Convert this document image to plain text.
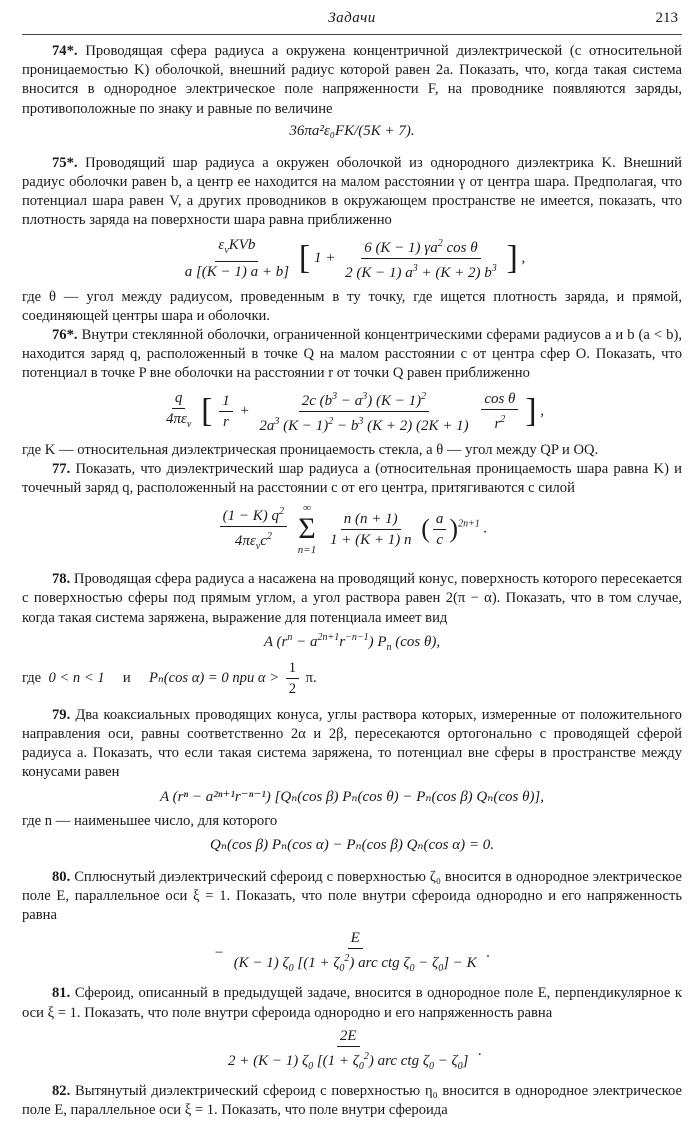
Задачи	213

74*. Проводящая сфера радиуса a окружена концентричной диэлектрической (с относительной проницаемостью K) оболочкой, внешний радиус которой равен 2a. Показать, что, когда такая система вносится в однородное электрическое поле напряженности F, на проводнике появляются заряды, противоположные по знаку и равные по величине

36πa²ε₀FK/(5K + 7).

75*. Проводящий шар радиуса a окружен оболочкой из однородного диэлектрика K. Внешний радиус оболочки равен b, а центр ее находится на малом расстоянии γ от центра шара. Предполагая, что потенциал шара равен V, а других проводников в окружающем пространстве не имеется, показать, что плотность заряда на поверхности шара равна приближенно

$\frac{\varepsilon_vKVb}{a [(K - 1) a + b]}$ [ $1 + \frac{6 (K - 1) \gamma a^2 \cos \theta}{2 (K - 1) a^3 + (K + 2) b^3}$ ] ,

где θ — угол между радиусом, проведенным в ту точку, где ищется плотность заряда, и прямой, соединяющей центры шара и оболочки.

76*. Внутри стеклянной оболочки, ограниченной концентрическими сферами радиусов a и b (a < b), находится заряд q, расположенный в точке Q на малом расстоянии c от центра сфер O. Показать, что потенциал в точке P вне оболочки на расстоянии r от точки Q равен приближенно

$\frac{q}{4\pi\varepsilon_v}$ [ $\frac{1}{r} + \frac{2c (b^3 - a^3) (K - 1)^2}{2a^3 (K - 1)^2 - b^3 (K + 2) (2K + 1)}$
$\frac{\text{cos θ}}{r^2}$ ] ,

где K — относительная диэлектрическая проницаемость стекла, а θ — угол между QP и OQ.

77. Показать, что диэлектрический шар радиуса a (относительная проницаемость шара равна K) и точечный заряд q, расположенный на расстоянии c от его центра, притягиваются с силой

$\frac{(1 - K) q^2}{4\pi\varepsilon_vc^2}$
∞
Σ
n=1

$\frac{n (n + 1)}{1 + (K + 1) n}$ ( $\frac{a}{c} )^{2n+1}$ .

78. Проводящая сфера радиуса a насажена на проводящий конус, поверхность которого пересекается с поверхностью сферы под прямым углом, а угол раствора равен 2(π − α). Показать, что в том случае, когда такая система заряжена, выражение для потенциала имеет вид

A $(r^n - a^{2n+1}r^{-n-1})$ $P_n$ (cos θ),

где 0 < n < 1 и Pₙ(cos α) = 0 при $\alpha > \frac{1}{2} \pi$.

79. Два коаксиальных проводящих конуса, углы раствора которых, измеренные от положительного направления оси, равны соответственно 2α и 2β, пересекаются ортогонально с проводящей сферой радиуса a. Показать, что если такая система заряжена, то потенциал вне сферы в пространстве между конусами равен

A (rⁿ − a²ⁿ⁺¹r⁻ⁿ⁻¹) [Qₙ(cos β) Pₙ(cos θ) − Pₙ(cos β) Qₙ(cos θ)],

где n — наименьшее число, для которого

Qₙ(cos β) Pₙ(cos α) − Pₙ(cos β) Qₙ(cos α) = 0.

80. Сплюснутый диэлектрический сфероид с поверхностью ζ₀ вносится в однородное электрическое поле E, параллельное оси ξ = 1. Показать, что поле внутри сфероида однородно и его напряженность равна

− $\frac{E}{(K - 1) \zeta_0 [(1 + \zeta_0^2) arc ctg \zeta_0 - \zeta_0] - K}$ .

81. Сфероид, описанный в предыдущей задаче, вносится в однородное поле E, перпендикулярное к оси ξ = 1. Показать, что поле внутри сфероида однородно и его напряженность равна

$\frac{2E}{2 + (K - 1) \zeta_0 [(1 + \zeta_0^2) arc ctg \zeta_0 - \zeta_0]}$ .

82. Вытянутый диэлектрический сфероид с поверхностью η₀ вносится в однородное электрическое поле E, параллельное оси ξ = 1. Показать, что поле внутри сфероида
